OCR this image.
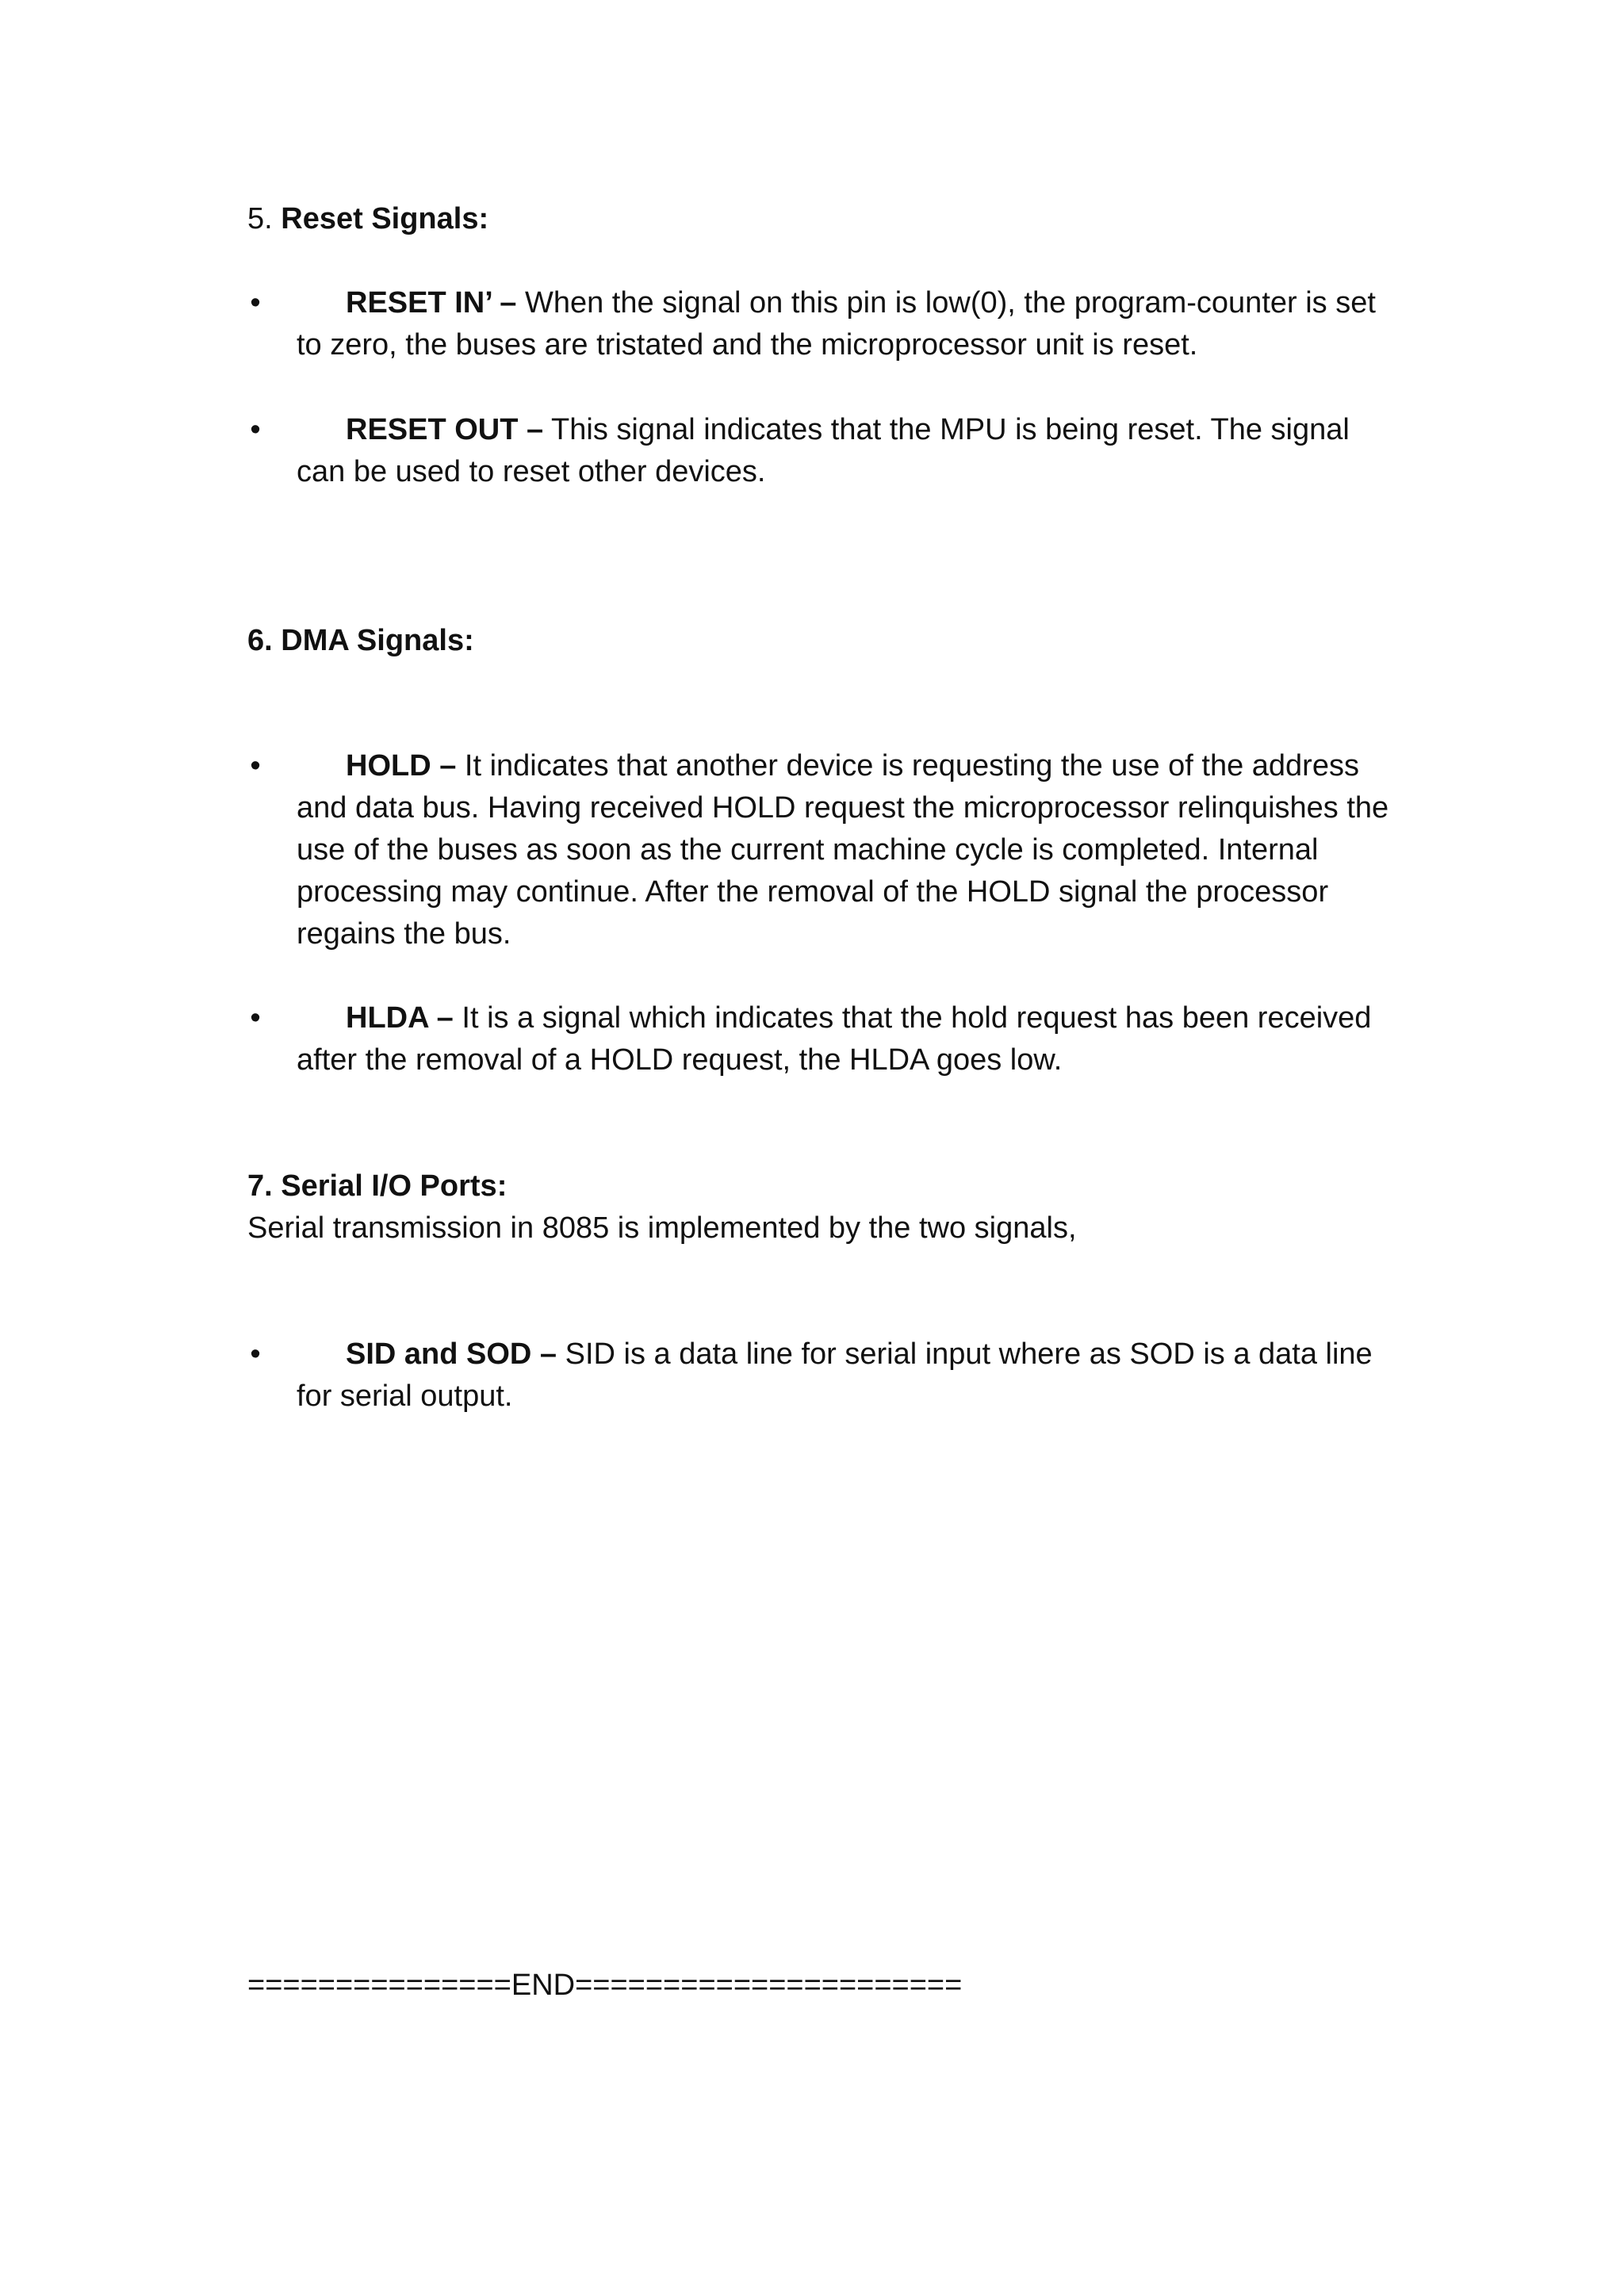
5. Reset Signals:
•	RESET IN’ – When the signal on this pin is low(0), the program-counter is set to zero, the buses are tristated and the microprocessor unit is reset.
•	RESET OUT – This signal indicates that the MPU is being reset. The signal can be used to reset other devices.
6. DMA Signals:
•	HOLD – It indicates that another device is requesting the use of the address and data bus. Having received HOLD request the microprocessor relinquishes the use of the buses as soon as the current machine cycle is completed. Internal processing may continue. After the removal of the HOLD signal the processor regains the bus.
•	HLDA – It is a signal which indicates that the hold request has been received after the removal of a HOLD request, the HLDA goes low.
7. Serial I/O Ports:
Serial transmission in 8085 is implemented by the two signals,
•	SID and SOD – SID is a data line for serial input where as SOD is a data line for serial output.
===============END======================
